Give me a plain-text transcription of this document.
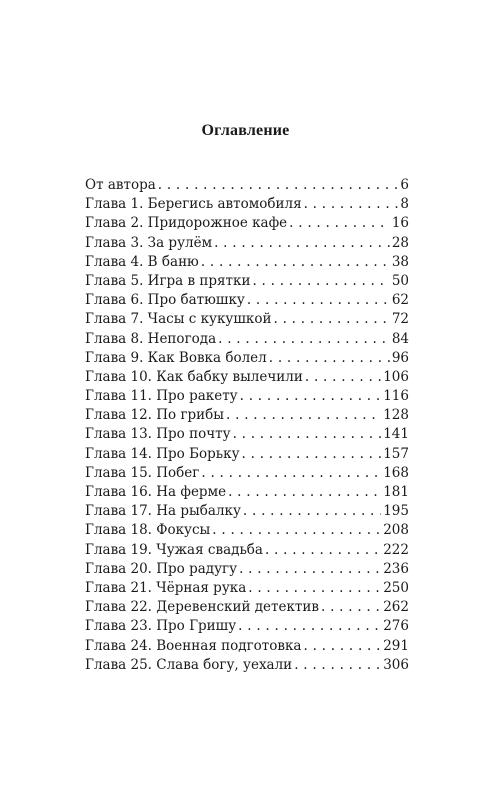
Оглавление
От автора . . .	6
Глава 1. Берегись автомобиля . . .	8
Глава 2. Придорожное кафе . . .	16
Глава 3. За рулём . . .	28
Глава 4. В баню . . .	38
Глава 5. Игра в прятки . . .	50
Глава 6. Про батюшку . . .	62
Глава 7. Часы с кукушкой . . .	72
Глава 8. Непогода . . .	84
Глава 9. Как Вовка болел . . .	96
Глава 10. Как бабку вылечили . . .	106
Глава 11. Про ракету . . .	116
Глава 12. По грибы . . .	128
Глава 13. Про почту . . .	141
Глава 14. Про Борьку . . .	157
Глава 15. Побег . . .	168
Глава 16. На ферме . . .	181
Глава 17. На рыбалку . . .	195
Глава 18. Фокусы . . .	208
Глава 19. Чужая свадьба . . .	222
Глава 20. Про радугу . . .	236
Глава 21. Чёрная рука . . .	250
Глава 22. Деревенский детектив . . .	262
Глава 23. Про Гришу . . .	276
Глава 24. Военная подготовка . . .	291
Глава 25. Слава богу, уехали . . .	306
